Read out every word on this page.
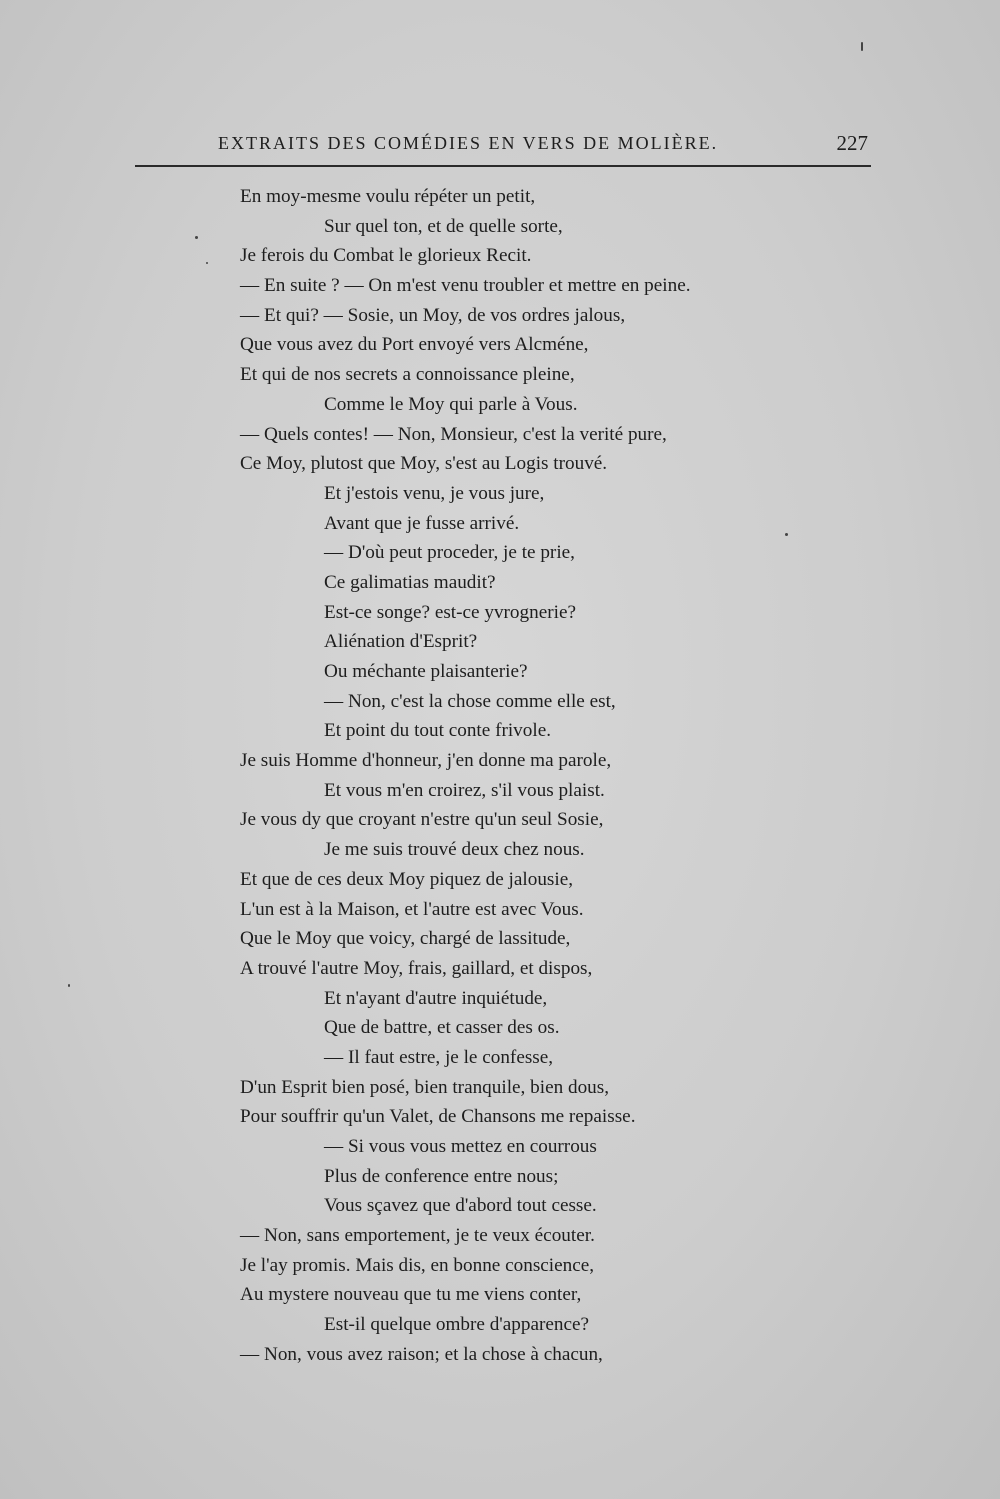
EXTRAITS DES COMÉDIES EN VERS DE MOLIÈRE.	227
En moy-mesme voulu répéter un petit,
Sur quel ton, et de quelle sorte,
Je ferois du Combat le glorieux Recit.
— En suite ? — On m'est venu troubler et mettre en peine.
— Et qui? — Sosie, un Moy, de vos ordres jalous,
Que vous avez du Port envoyé vers Alcméne,
Et qui de nos secrets a connoissance pleine,
Comme le Moy qui parle à Vous.
— Quels contes! — Non, Monsieur, c'est la verité pure,
Ce Moy, plutost que Moy, s'est au Logis trouvé.
Et j'estois venu, je vous jure,
Avant que je fusse arrivé.
— D'où peut proceder, je te prie,
Ce galimatias maudit?
Est-ce songe? est-ce yvrognerie?
Aliénation d'Esprit?
Ou méchante plaisanterie?
— Non, c'est la chose comme elle est,
Et point du tout conte frivole.
Je suis Homme d'honneur, j'en donne ma parole,
Et vous m'en croirez, s'il vous plaist.
Je vous dy que croyant n'estre qu'un seul Sosie,
Je me suis trouvé deux chez nous.
Et que de ces deux Moy piquez de jalousie,
L'un est à la Maison, et l'autre est avec Vous.
Que le Moy que voicy, chargé de lassitude,
A trouvé l'autre Moy, frais, gaillard, et dispos,
Et n'ayant d'autre inquiétude,
Que de battre, et casser des os.
— Il faut estre, je le confesse,
D'un Esprit bien posé, bien tranquile, bien dous,
Pour souffrir qu'un Valet, de Chansons me repaisse.
— Si vous vous mettez en courrous
Plus de conference entre nous;
Vous sçavez que d'abord tout cesse.
— Non, sans emportement, je te veux écouter.
Je l'ay promis. Mais dis, en bonne conscience,
Au mystere nouveau que tu me viens conter,
Est-il quelque ombre d'apparence?
— Non, vous avez raison; et la chose à chacun,
